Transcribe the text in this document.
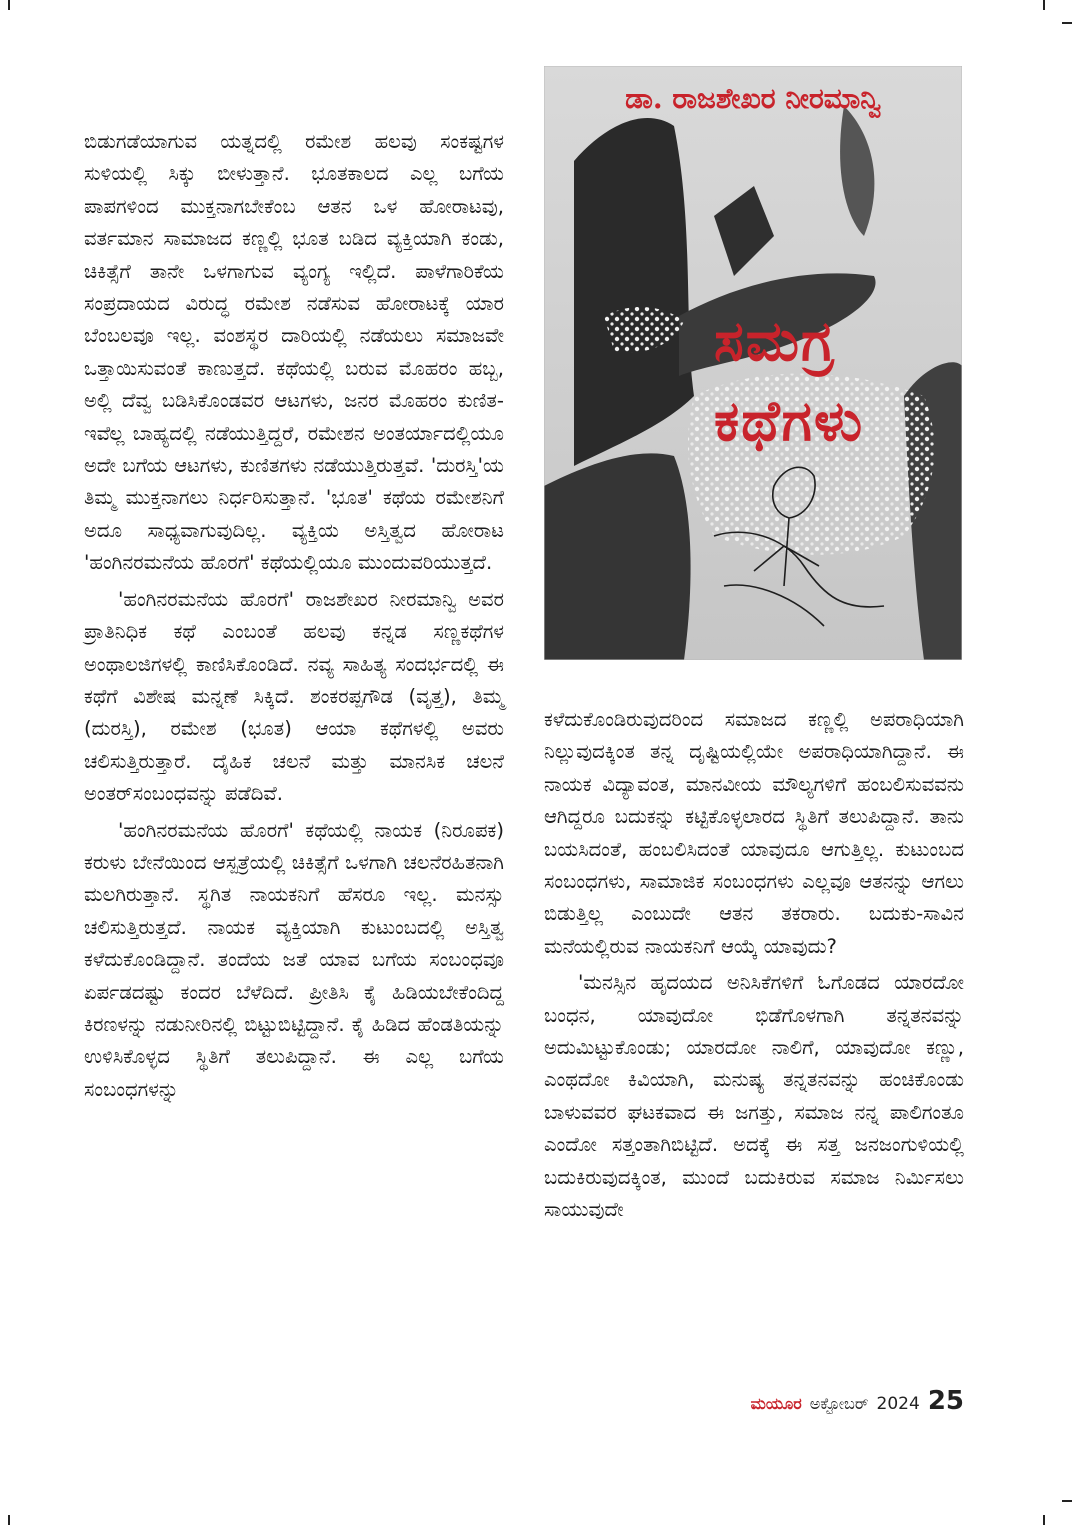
ಡಾ. ರಾಜಶೇಖರ ನೀರಮಾನ್ವಿ
ಸಮಗ್ರ
ಕಥೆಗಳು

ಬಿಡುಗಡೆಯಾಗುವ ಯತ್ನದಲ್ಲಿ ರಮೇಶ ಹಲವು ಸಂಕಷ್ಟಗಳ ಸುಳಿಯಲ್ಲಿ ಸಿಕ್ಕು ಬೀಳುತ್ತಾನೆ. ಭೂತಕಾಲದ ಎಲ್ಲ ಬಗೆಯ ಪಾಪಗಳಿಂದ ಮುಕ್ತನಾಗಬೇಕೆಂಬ ಆತನ ಒಳ ಹೋರಾಟವು, ವರ್ತಮಾನ ಸಾಮಾಜದ ಕಣ್ಣಲ್ಲಿ ಭೂತ ಬಡಿದ ವ್ಯಕ್ತಿಯಾಗಿ ಕಂಡು, ಚಿಕಿತ್ಸೆಗೆ ತಾನೇ ಒಳಗಾಗುವ ವ್ಯಂಗ್ಯ ಇಲ್ಲಿದೆ. ಪಾಳೆಗಾರಿಕೆಯ ಸಂಪ್ರದಾಯದ ವಿರುದ್ಧ ರಮೇಶ ನಡೆಸುವ ಹೋರಾಟಕ್ಕೆ ಯಾರ ಬೆಂಬಲವೂ ಇಲ್ಲ. ವಂಶಸ್ಥರ ದಾರಿಯಲ್ಲಿ ನಡೆಯಲು ಸಮಾಜವೇ ಒತ್ತಾಯಿಸುವಂತೆ ಕಾಣುತ್ತದೆ. ಕಥೆಯಲ್ಲಿ ಬರುವ ಮೊಹರಂ ಹಬ್ಬ, ಅಲ್ಲಿ ದೆವ್ವ ಬಡಿಸಿಕೊಂಡವರ ಆಟಗಳು, ಜನರ ಮೊಹರಂ ಕುಣಿತ-ಇವೆಲ್ಲ ಬಾಹ್ಯದಲ್ಲಿ ನಡೆಯುತ್ತಿದ್ದರೆ, ರಮೇಶನ ಅಂತರ್ಯಾದಲ್ಲಿಯೂ ಅದೇ ಬಗೆಯ ಆಟಗಳು, ಕುಣಿತಗಳು ನಡೆಯುತ್ತಿರುತ್ತವೆ. 'ದುರಸ್ತಿ'ಯ ತಿಮ್ಮ ಮುಕ್ತನಾಗಲು ನಿರ್ಧರಿಸುತ್ತಾನೆ. 'ಭೂತ' ಕಥೆಯ ರಮೇಶನಿಗೆ ಅದೂ ಸಾಧ್ಯವಾಗುವುದಿಲ್ಲ. ವ್ಯಕ್ತಿಯ ಅಸ್ತಿತ್ವದ ಹೋರಾಟ 'ಹಂಗಿನರಮನೆಯ ಹೊರಗೆ' ಕಥೆಯಲ್ಲಿಯೂ ಮುಂದುವರಿಯುತ್ತದೆ.

'ಹಂಗಿನರಮನೆಯ ಹೊರಗೆ' ರಾಜಶೇಖರ ನೀರಮಾನ್ವಿ ಅವರ ಪ್ರಾತಿನಿಧಿಕ ಕಥೆ ಎಂಬಂತೆ ಹಲವು ಕನ್ನಡ ಸಣ್ಣಕಥೆಗಳ ಅಂಥಾಲಜಿಗಳಲ್ಲಿ ಕಾಣಿಸಿಕೊಂಡಿದೆ. ನವ್ಯ ಸಾಹಿತ್ಯ ಸಂದರ್ಭದಲ್ಲಿ ಈ ಕಥೆಗೆ ವಿಶೇಷ ಮನ್ನಣೆ ಸಿಕ್ಕಿದೆ. ಶಂಕರಪ್ಪಗೌಡ (ವೃತ್ತ), ತಿಮ್ಮ (ದುರಸ್ತಿ), ರಮೇಶ (ಭೂತ) ಆಯಾ ಕಥೆಗಳಲ್ಲಿ ಅವರು ಚಲಿಸುತ್ತಿರುತ್ತಾರೆ. ದೈಹಿಕ ಚಲನೆ ಮತ್ತು ಮಾನಸಿಕ ಚಲನೆ ಅಂತರ್‌ಸಂಬಂಧವನ್ನು ಪಡೆದಿವೆ.

'ಹಂಗಿನರಮನೆಯ ಹೊರಗೆ' ಕಥೆಯಲ್ಲಿ ನಾಯಕ (ನಿರೂಪಕ) ಕರುಳು ಬೇನೆಯಿಂದ ಆಸ್ಪತ್ರೆಯಲ್ಲಿ ಚಿಕಿತ್ಸೆಗೆ ಒಳಗಾಗಿ ಚಲನೆರಹಿತನಾಗಿ ಮಲಗಿರುತ್ತಾನೆ. ಸ್ಥಗಿತ ನಾಯಕನಿಗೆ ಹೆಸರೂ ಇಲ್ಲ. ಮನಸ್ಸು ಚಲಿಸುತ್ತಿರುತ್ತದೆ. ನಾಯಕ ವ್ಯಕ್ತಿಯಾಗಿ ಕುಟುಂಬದಲ್ಲಿ ಅಸ್ತಿತ್ವ ಕಳೆದುಕೊಂಡಿದ್ದಾನೆ. ತಂದೆಯ ಜತೆ ಯಾವ ಬಗೆಯ ಸಂಬಂಧವೂ ಏರ್ಪಡದಷ್ಟು ಕಂದರ ಬೆಳೆದಿದೆ. ಪ್ರೀತಿಸಿ ಕೈ ಹಿಡಿಯಬೇಕೆಂದಿದ್ದ ಕಿರಣಳನ್ನು ನಡುನೀರಿನಲ್ಲಿ ಬಿಟ್ಟುಬಿಟ್ಟಿದ್ದಾನೆ. ಕೈ ಹಿಡಿದ ಹೆಂಡತಿಯನ್ನು ಉಳಿಸಿಕೊಳ್ಳದ ಸ್ಥಿತಿಗೆ ತಲುಪಿದ್ದಾನೆ. ಈ ಎಲ್ಲ ಬಗೆಯ ಸಂಬಂಧಗಳನ್ನು

ಕಳೆದುಕೊಂಡಿರುವುದರಿಂದ ಸಮಾಜದ ಕಣ್ಣಲ್ಲಿ ಅಪರಾಧಿಯಾಗಿ ನಿಲ್ಲುವುದಕ್ಕಿಂತ ತನ್ನ ದೃಷ್ಟಿಯಲ್ಲಿಯೇ ಅಪರಾಧಿಯಾಗಿದ್ದಾನೆ. ಈ ನಾಯಕ ವಿದ್ಯಾವಂತ, ಮಾನವೀಯ ಮೌಲ್ಯಗಳಿಗೆ ಹಂಬಲಿಸುವವನು ಆಗಿದ್ದರೂ ಬದುಕನ್ನು ಕಟ್ಟಿಕೊಳ್ಳಲಾರದ ಸ್ಥಿತಿಗೆ ತಲುಪಿದ್ದಾನೆ. ತಾನು ಬಯಸಿದಂತೆ, ಹಂಬಲಿಸಿದಂತೆ ಯಾವುದೂ ಆಗುತ್ತಿಲ್ಲ. ಕುಟುಂಬದ ಸಂಬಂಧಗಳು, ಸಾಮಾಜಿಕ ಸಂಬಂಧಗಳು ಎಲ್ಲವೂ ಆತನನ್ನು ಆಗಲು ಬಿಡುತ್ತಿಲ್ಲ ಎಂಬುದೇ ಆತನ ತಕರಾರು. ಬದುಕು-ಸಾವಿನ ಮನೆಯಲ್ಲಿರುವ ನಾಯಕನಿಗೆ ಆಯ್ಕೆ ಯಾವುದು?

'ಮನಸ್ಸಿನ ಹೃದಯದ ಅನಿಸಿಕೆಗಳಿಗೆ ಓಗೊಡದ ಯಾರದೋ ಬಂಧನ, ಯಾವುದೋ ಭಿಡೆಗೊಳಗಾಗಿ ತನ್ನತನವನ್ನು ಅದುಮಿಟ್ಟುಕೊಂಡು; ಯಾರದೋ ನಾಲಿಗೆ, ಯಾವುದೋ ಕಣ್ಣು, ಎಂಥದೋ ಕಿವಿಯಾಗಿ, ಮನುಷ್ಯ ತನ್ನತನವನ್ನು ಹಂಚಿಕೊಂಡು ಬಾಳುವವರ ಘಟಕವಾದ ಈ ಜಗತ್ತು, ಸಮಾಜ ನನ್ನ ಪಾಲಿಗಂತೂ ಎಂದೋ ಸತ್ತಂತಾಗಿಬಿಟ್ಟಿದೆ. ಅದಕ್ಕೆ ಈ ಸತ್ತ ಜನಜಂಗುಳಿಯಲ್ಲಿ ಬದುಕಿರುವುದಕ್ಕಿಂತ, ಮುಂದೆ ಬದುಕಿರುವ ಸಮಾಜ ನಿರ್ಮಿಸಲು ಸಾಯುವುದೇ

ಮಯೂರ ಅಕ್ಟೋಬರ್ 2024 25
